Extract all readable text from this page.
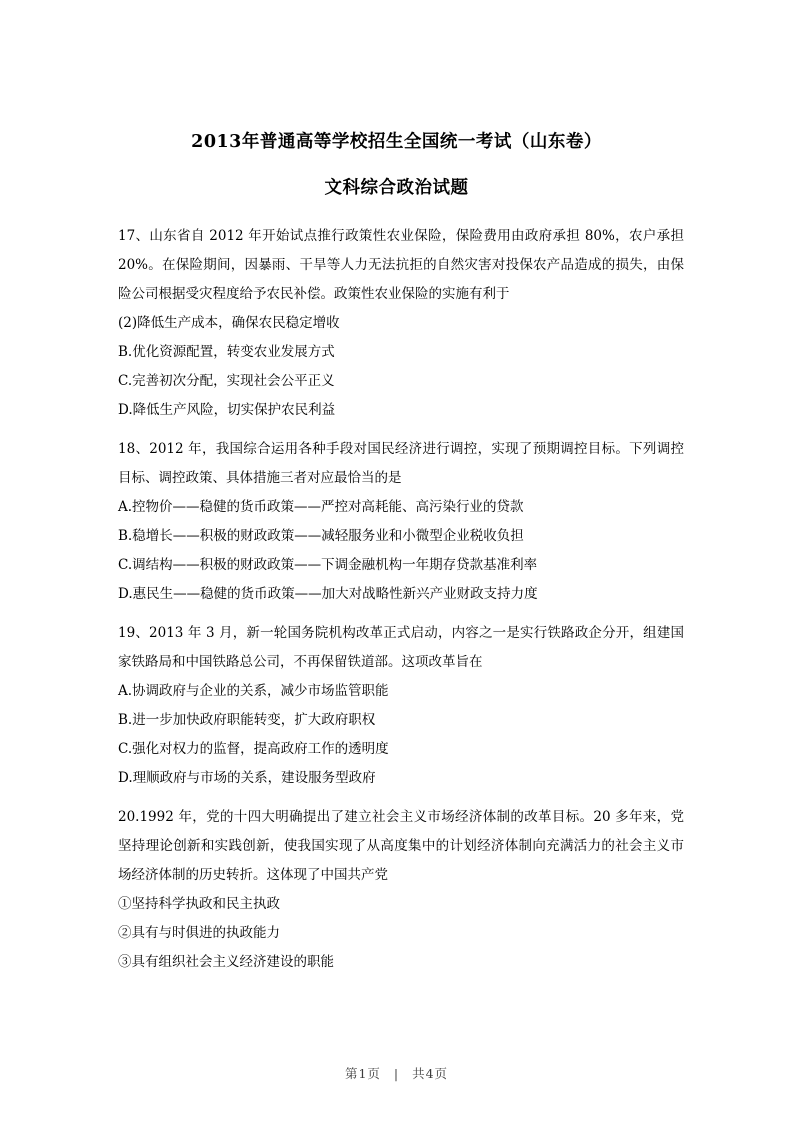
2013年普通高等学校招生全国统一考试（山东卷）
文科综合政治试题

17、山东省自 2012 年开始试点推行政策性农业保险，保险费用由政府承担 80%，农户承担 20%。在保险期间，因暴雨、干旱等人力无法抗拒的自然灾害对投保农产品造成的损失，由保险公司根据受灾程度给予农民补偿。政策性农业保险的实施有利于

(2)降低生产成本，确保农民稳定增收

B.优化资源配置，转变农业发展方式

C.完善初次分配，实现社会公平正义

D.降低生产风险，切实保护农民利益

18、2012 年，我国综合运用各种手段对国民经济进行调控，实现了预期调控目标。下列调控目标、调控政策、具体措施三者对应最恰当的是

A.控物价——稳健的货币政策——严控对高耗能、高污染行业的贷款

B.稳增长——积极的财政政策——减轻服务业和小微型企业税收负担

C.调结构——积极的财政政策——下调金融机构一年期存贷款基准利率

D.惠民生——稳健的货币政策——加大对战略性新兴产业财政支持力度

19、2013 年 3 月，新一轮国务院机构改革正式启动，内容之一是实行铁路政企分开，组建国家铁路局和中国铁路总公司，不再保留铁道部。这项改革旨在

A.协调政府与企业的关系，减少市场监管职能

B.进一步加快政府职能转变，扩大政府职权

C.强化对权力的监督，提高政府工作的透明度

D.理顺政府与市场的关系，建设服务型政府

20.1992 年，党的十四大明确提出了建立社会主义市场经济体制的改革目标。20 多年来，党坚持理论创新和实践创新，使我国实现了从高度集中的计划经济体制向充满活力的社会主义市场经济体制的历史转折。这体现了中国共产党

①坚持科学执政和民主执政

②具有与时俱进的执政能力

③具有组织社会主义经济建设的职能

第1页 | 共4页
